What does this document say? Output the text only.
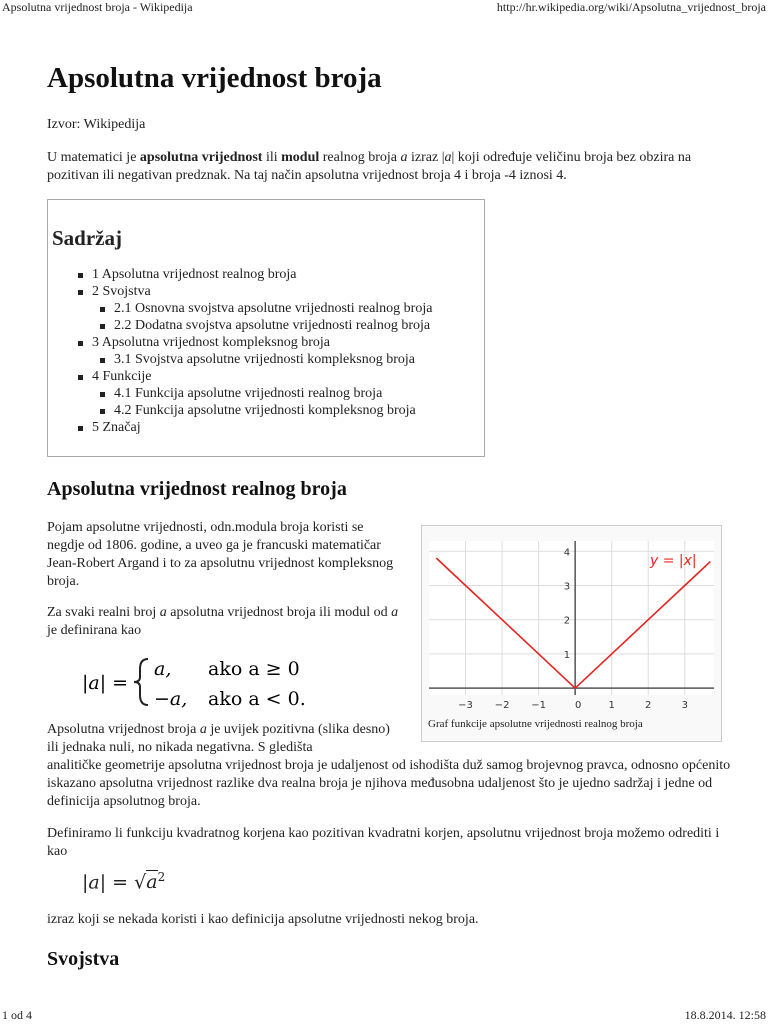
Apsolutna vrijednost broja - Wikipedija	http://hr.wikipedia.org/wiki/Apsolutna_vrijednost_broja
Apsolutna vrijednost broja
Izvor: Wikipedija

U matematici je apsolutna vrijednost ili modul realnog broja a izraz |a| koji određuje veličinu broja bez obzira na pozitivan ili negativan predznak. Na taj način apsolutna vrijednost broja 4 i broja -4 iznosi 4.

Sadržaj
1 Apsolutna vrijednost realnog broja
2 Svojstva
2.1 Osnovna svojstva apsolutne vrijednosti realnog broja
2.2 Dodatna svojstva apsolutne vrijednosti realnog broja
3 Apsolutna vrijednost kompleksnog broja
3.1 Svojstva apsolutne vrijednosti kompleksnog broja
4 Funkcije
4.1 Funkcija apsolutne vrijednosti realnog broja
4.2 Funkcija apsolutne vrijednosti kompleksnog broja
5 Značaj
Apsolutna vrijednost realnog broja

Pojam apsolutne vrijednosti, odn.modula broja koristi se negdje od 1806. godine, a uveo ga je francuski matematičar Jean-Robert Argand i to za apsolutnu vrijednost kompleksnog broja.

Za svaki realni broj a apsolutna vrijednost broja ili modul od a je definirana kao

|a| =
a, ako a ≥ 0
−a, ako a < 0.

Apsolutna vrijednost broja a je uvijek pozitivna (slika desno) ili jednaka nuli, no nikada negativna. S gledišta

analitičke geometrije apsolutna vrijednost broja je udaljenost od ishodišta duž samog brojevnog pravca, odnosno općenito iskazano apsolutna vrijednost razlike dva realna broja je njihova međusobna udaljenost što je ujedno sadržaj i jedne od definicija apsolutnog broja.

Definiramo li funkciju kvadratnog korjena kao pozitivan kvadratni korjen, apsolutnu vrijednost broja možemo odrediti i kao

$|a| = √a^2$

izraz koji se nekada koristi i kao definicija apsolutne vrijednosti nekog broja.

Svojstva
−3 −2 −1	0	1	2	3
1
2
3
4
y = |x|
Graf funkcije apsolutne vrijednosti realnog broja
1 od 4	18.8.2014. 12:58
